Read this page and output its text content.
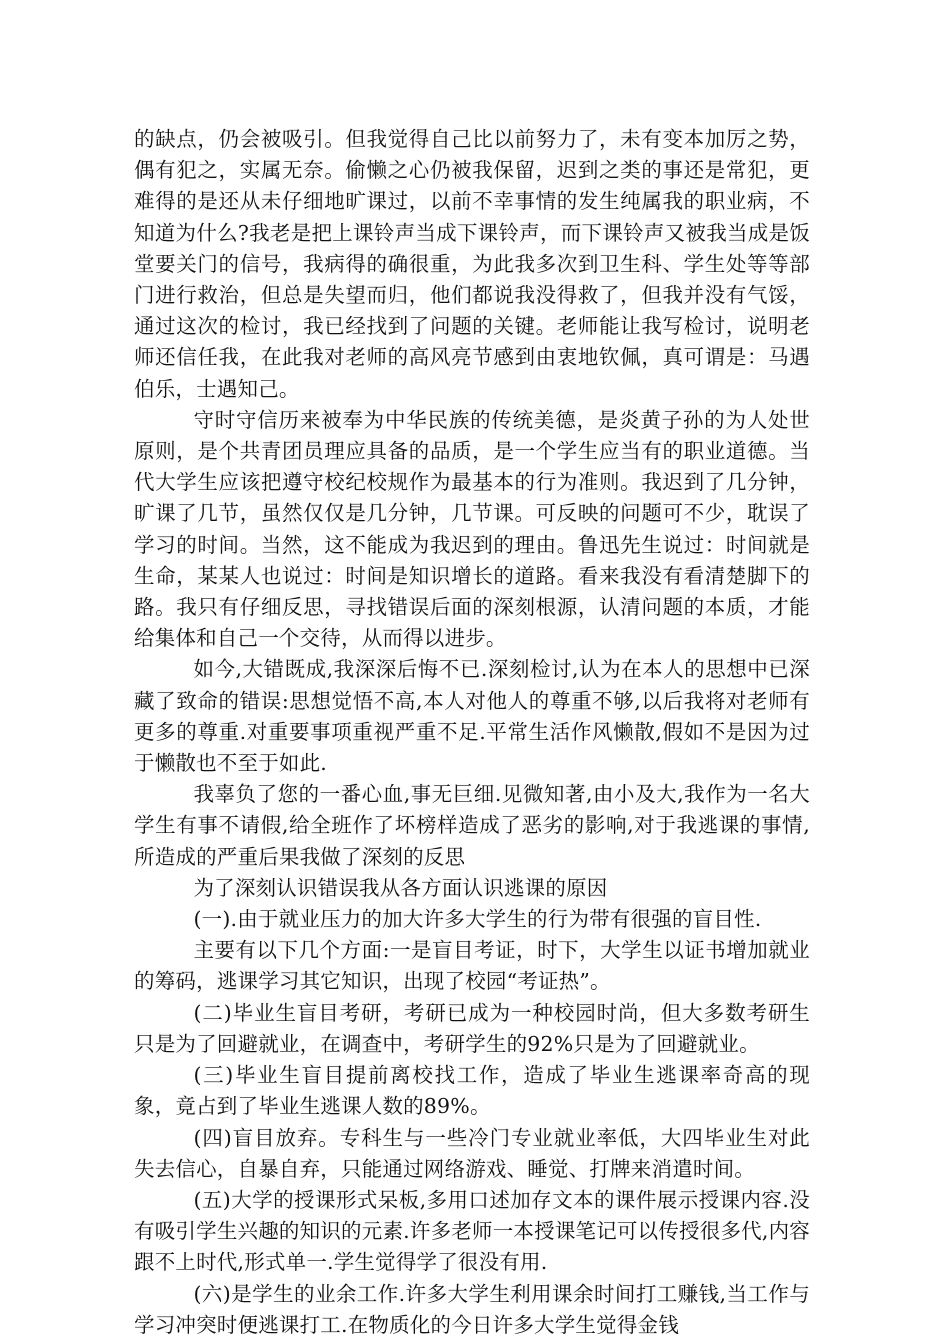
的缺点，仍会被吸引。但我觉得自己比以前努力了，未有变本加厉之势，偶有犯之，实属无奈。偷懒之心仍被我保留，迟到之类的事还是常犯，更难得的是还从未仔细地旷课过，以前不幸事情的发生纯属我的职业病，不知道为什么?我老是把上课铃声当成下课铃声，而下课铃声又被我当成是饭堂要关门的信号，我病得的确很重，为此我多次到卫生科、学生处等等部门进行救治，但总是失望而归，他们都说我没得救了，但我并没有气馁，通过这次的检讨，我已经找到了问题的关键。老师能让我写检讨，说明老师还信任我，在此我对老师的高风亮节感到由衷地钦佩，真可谓是：马遇伯乐，士遇知己。

守时守信历来被奉为中华民族的传统美德，是炎黄子孙的为人处世原则，是个共青团员理应具备的品质，是一个学生应当有的职业道德。当代大学生应该把遵守校纪校规作为最基本的行为准则。我迟到了几分钟，旷课了几节，虽然仅仅是几分钟，几节课。可反映的问题可不少，耽误了学习的时间。当然，这不能成为我迟到的理由。鲁迅先生说过：时间就是生命，某某人也说过：时间是知识增长的道路。看来我没有看清楚脚下的路。我只有仔细反思，寻找错误后面的深刻根源，认清问题的本质，才能给集体和自己一个交待，从而得以进步。

如今,大错既成,我深深后悔不已.深刻检讨,认为在本人的思想中已深藏了致命的错误:思想觉悟不高,本人对他人的尊重不够,以后我将对老师有更多的尊重.对重要事项重视严重不足.平常生活作风懒散,假如不是因为过于懒散也不至于如此.

我辜负了您的一番心血,事无巨细.见微知著,由小及大,我作为一名大学生有事不请假,给全班作了坏榜样造成了恶劣的影响,对于我逃课的事情,所造成的严重后果我做了深刻的反思

为了深刻认识错误我从各方面认识逃课的原因

(一).由于就业压力的加大许多大学生的行为带有很强的盲目性.

主要有以下几个方面:一是盲目考证，时下，大学生以证书增加就业的筹码，逃课学习其它知识，出现了校园“考证热”。

(二)毕业生盲目考研，考研已成为一种校园时尚，但大多数考研生只是为了回避就业，在调查中，考研学生的92%只是为了回避就业。

(三)毕业生盲目提前离校找工作，造成了毕业生逃课率奇高的现象，竟占到了毕业生逃课人数的89%。

(四)盲目放弃。专科生与一些冷门专业就业率低，大四毕业生对此失去信心，自暴自弃，只能通过网络游戏、睡觉、打牌来消遣时间。

(五)大学的授课形式呆板,多用口述加存文本的课件展示授课内容.没有吸引学生兴趣的知识的元素.许多老师一本授课笔记可以传授很多代,内容跟不上时代,形式单一.学生觉得学了很没有用.

(六)是学生的业余工作.许多大学生利用课余时间打工赚钱,当工作与学习冲突时便逃课打工.在物质化的今日许多大学生觉得金钱
